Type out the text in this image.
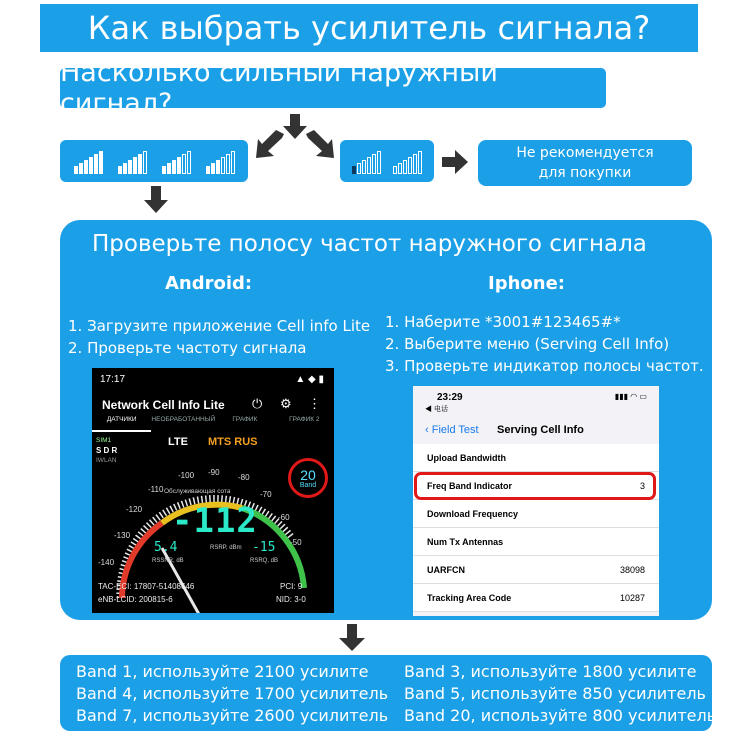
Как выбрать усилитель сигнала?
Насколько сильный наружный сигнал?
Не рекомендуется
для покупки
Проверьте полосу частот наружного сигнала
Android:	Iphone:
1. Загрузите приложение Cell info Lite
2. Проверьте частоту сигнала
1. Наберите *3001#123465#*
2. Выберите меню (Serving Cell Info)
3. Проверьте индикатор полосы частот.
17:17	▲ ◆ ▮
Network Cell Info Lite ⏻ ⚙ ⋮
ДАТЧИКИ	НЕОБРАБОТАННЫЙ	ГРАФИК	ГРАФИК 2
SIM1
S D R
IWLAN
LTE MTS RUS
20
Band
-140
-130
-120
-110
-100 -90
-80
-70
-60
-50
Обслуживающая сота
-112
RSRP, dBm
5.4
RSSNR, dB
-15
RSRQ, dB
TAC-ECI: 17807-51408646
eNB-LCID: 200815-6
PCI: 9
NID: 3-0
23:29
◀ 电话
▮▮▮ ◠ ▭
‹ Field Test Serving Cell Info
Upload Bandwidth
Freq Band Indicator	3
Download Frequency
Num Tx Antennas
UARFCN	38098
Tracking Area Code	10287
Band 1, используйте 2100 усилите Band 3, используйте 1800 усилите
Band 4, используйте 1700 усилитель Band 5, используйте 850 усилитель
Band 7, используйте 2600 усилитель Band 20, используйте 800 усилитель
